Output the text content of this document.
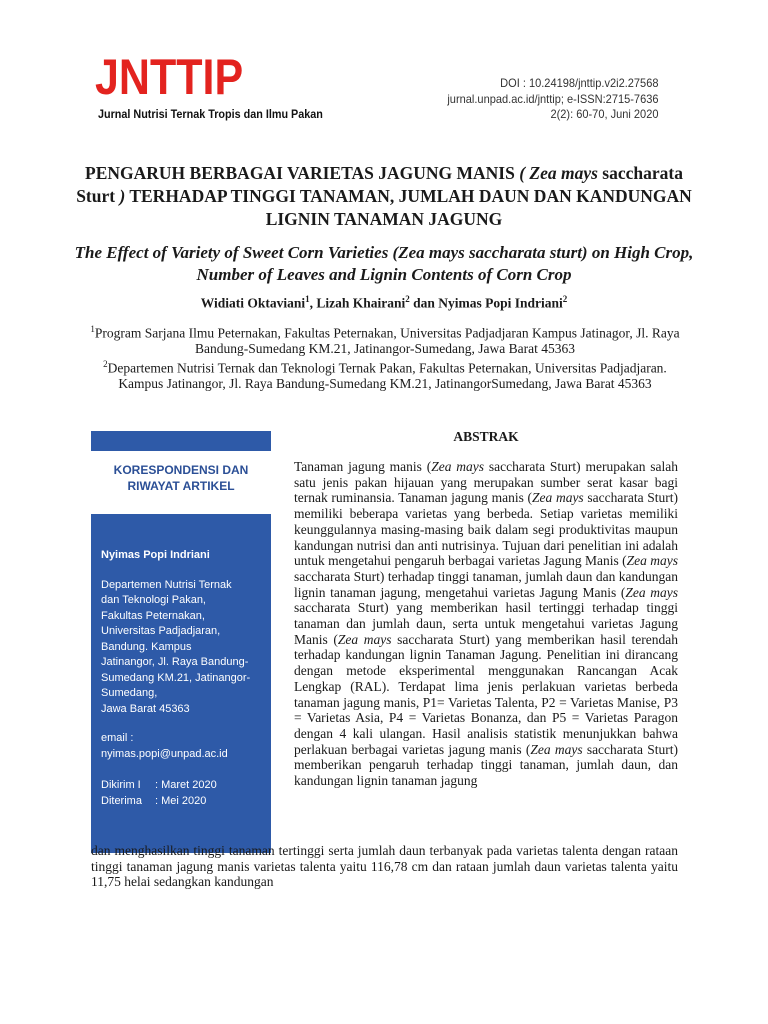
JNTTIP
Jurnal Nutrisi Ternak Tropis dan Ilmu Pakan
DOI : 10.24198/jnttip.v2i2.27568
jurnal.unpad.ac.id/jnttip; e-ISSN:2715-7636
2(2): 60-70, Juni 2020
PENGARUH BERBAGAI VARIETAS JAGUNG MANIS ( Zea mays saccharata Sturt ) TERHADAP TINGGI TANAMAN, JUMLAH DAUN DAN KANDUNGAN LIGNIN TANAMAN JAGUNG
The Effect of Variety of Sweet Corn Varieties (Zea mays saccharata sturt) on High Crop, Number of Leaves and Lignin Contents of Corn Crop
Widiati Oktaviani$^1$, Lizah Khairani$^2$ dan Nyimas Popi Indriani$^2$
$^1$Program Sarjana Ilmu Peternakan, Fakultas Peternakan, Universitas Padjadjaran Kampus Jatinagor, Jl. Raya Bandung-Sumedang KM.21, Jatinangor-Sumedang, Jawa Barat 45363
$^2$Departemen Nutrisi Ternak dan Teknologi Ternak Pakan, Fakultas Peternakan, Universitas Padjadjaran. Kampus Jatinangor, Jl. Raya Bandung-Sumedang KM.21, JatinangorSumedang, Jawa Barat 45363
KORESPONDENSI DAN
RIWAYAT ARTIKEL
Nyimas Popi Indriani
Departemen Nutrisi Ternak
dan Teknologi Pakan,
Fakultas Peternakan,
Universitas Padjadjaran,
Bandung. Kampus
Jatinangor, Jl. Raya Bandung-
Sumedang KM.21, Jatinangor-
Sumedang,
Jawa Barat 45363
email :
nyimas.popi@unpad.ac.id
Dikirim I	: Maret 2020
Diterima	: Mei 2020
ABSTRAK

Tanaman jagung manis (Zea mays saccharata Sturt) merupakan salah satu jenis pakan hijauan yang merupakan sumber serat kasar bagi ternak ruminansia. Tanaman jagung manis (Zea mays saccharata Sturt) memiliki beberapa varietas yang berbeda. Setiap varietas memiliki keunggulannya masing-masing baik dalam segi produktivitas maupun kandungan nutrisi dan anti nutrisinya. Tujuan dari penelitian ini adalah untuk mengetahui pengaruh berbagai varietas Jagung Manis (Zea mays saccharata Sturt) terhadap tinggi tanaman, jumlah daun dan kandungan lignin tanaman jagung, mengetahui varietas Jagung Manis (Zea mays saccharata Sturt) yang memberikan hasil tertinggi terhadap tinggi tanaman dan jumlah daun, serta untuk mengetahui varietas Jagung Manis (Zea mays saccharata Sturt) yang memberikan hasil terendah terhadap kandungan lignin Tanaman Jagung. Penelitian ini dirancang dengan metode eksperimental menggunakan Rancangan Acak Lengkap (RAL). Terdapat lima jenis perlakuan varietas berbeda tanaman jagung manis, P1= Varietas Talenta, P2 = Varietas Manise, P3 = Varietas Asia, P4 = Varietas Bonanza, dan P5 = Varietas Paragon dengan 4 kali ulangan. Hasil analisis statistik menunjukkan bahwa perlakuan berbagai varietas jagung manis (Zea mays saccharata Sturt) memberikan pengaruh terhadap tinggi tanaman, jumlah daun, dan kandungan lignin tanaman jagung

dan menghasilkan tinggi tanaman tertinggi serta jumlah daun terbanyak pada varietas talenta dengan rataan tinggi tanaman jagung manis varietas talenta yaitu 116,78 cm dan rataan jumlah daun varietas talenta yaitu 11,75 helai sedangkan kandungan
